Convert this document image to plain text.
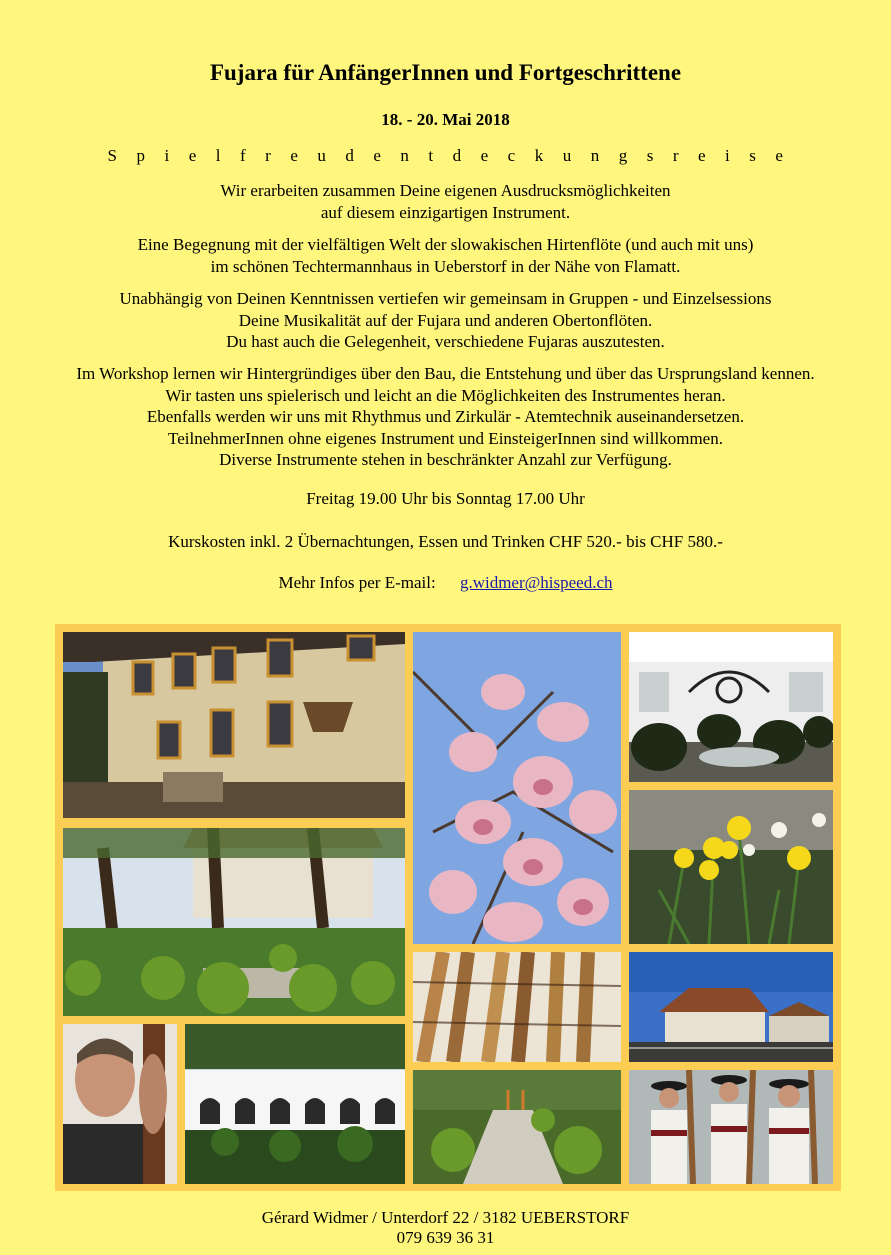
Fujara für AnfängerInnen und Fortgeschrittene
18. - 20. Mai 2018
Spielfreudentdeckungsreise
Wir erarbeiten zusammen Deine eigenen Ausdrucksmöglichkeiten
auf diesem einzigartigen Instrument.
Eine Begegnung mit der vielfältigen Welt der slowakischen Hirtenflöte (und auch mit uns)
im schönen Techtermannhaus in Ueberstorf in der Nähe von Flamatt.
Unabhängig von Deinen Kenntnissen vertiefen wir gemeinsam in Gruppen - und Einzelsessions
Deine Musikalität auf der Fujara und anderen Obertonflöten.
Du hast auch die Gelegenheit, verschiedene Fujaras auszutesten.
Im Workshop lernen wir Hintergründiges über den Bau, die Entstehung und über das Ursprungsland kennen.
Wir tasten uns spielerisch und leicht an die Möglichkeiten des Instrumentes heran.
Ebenfalls werden wir uns mit Rhythmus und Zirkulär - Atemtechnik auseinandersetzen.
TeilnehmerInnen ohne eigenes Instrument und EinsteigerInnen sind willkommen.
Diverse Instrumente stehen in beschränkter Anzahl zur Verfügung.
Freitag 19.00 Uhr bis Sonntag 17.00 Uhr
Kurskosten inkl. 2 Übernachtungen, Essen und Trinken CHF 520.- bis CHF 580.-
Mehr Infos per E-mail: g.widmer@hispeed.ch
Gérard Widmer / Unterdorf 22 / 3182 UEBERSTORF
079 639 36 31
